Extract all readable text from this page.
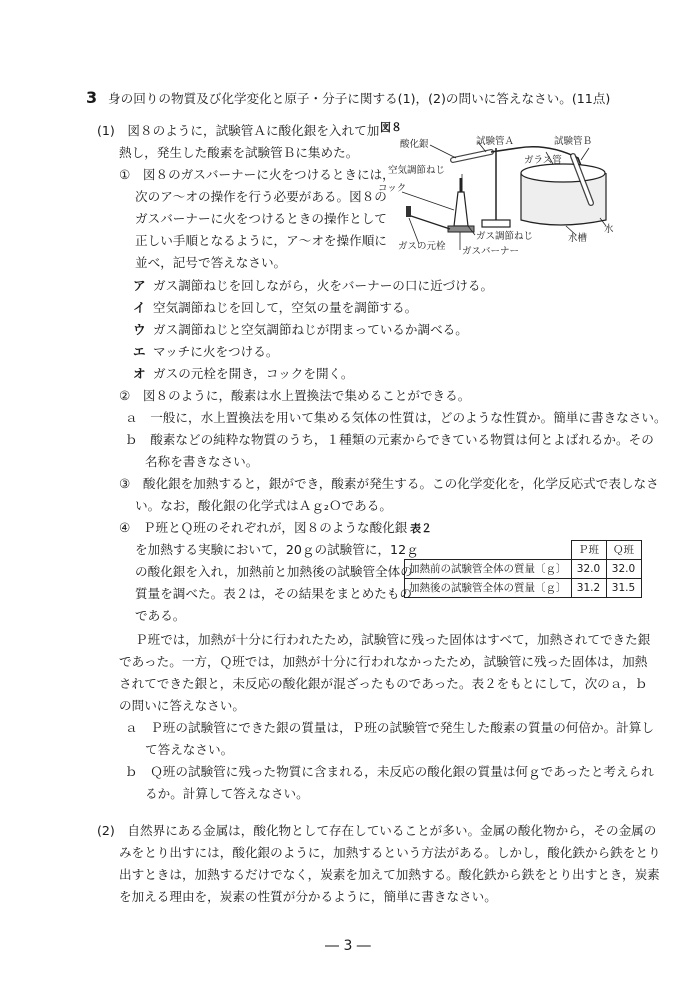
3 身の回りの物質及び化学変化と原子・分子に関する(1)，(2)の問いに答えなさい。(11点)
(1)　図８のように，試験管Ａに酸化銀を入れて加
熱し，発生した酸素を試験管Ｂに集めた。
①　図８のガスバーナーに火をつけるときには，
次のア～オの操作を行う必要がある。図８の
ガスバーナーに火をつけるときの操作として
正しい手順となるように，ア～オを操作順に
並べ，記号で答えなさい。
ア ガス調節ねじを回しながら，火をバーナーの口に近づける。
イ 空気調節ねじを回して，空気の量を調節する。
ウ ガス調節ねじと空気調節ねじが閉まっているか調べる。
エ マッチに火をつける。
オ ガスの元栓を開き，コックを開く。
②　図８のように，酸素は水上置換法で集めることができる。
ａ　一般に，水上置換法を用いて集める気体の性質は，どのような性質か。簡単に書きなさい。
ｂ　酸素などの純粋な物質のうち，１種類の元素からできている物質は何とよばれるか。その
名称を書きなさい。
③　酸化銀を加熱すると，銀ができ，酸素が発生する。この化学変化を，化学反応式で表しなさ
い。なお，酸化銀の化学式はＡｇ₂Ｏである。
④　Ｐ班とＱ班のそれぞれが，図８のような酸化銀
を加熱する実験において，20ｇの試験管に，12ｇ
の酸化銀を入れ，加熱前と加熱後の試験管全体の
質量を調べた。表２は，その結果をまとめたもの
である。
表２
	Ｐ班	Ｑ班
加熱前の試験管全体の質量〔ｇ〕	32.0	32.0
加熱後の試験管全体の質量〔ｇ〕	31.2	31.5
Ｐ班では，加熱が十分に行われたため，試験管に残った固体はすべて，加熱されてできた銀
であった。一方，Ｑ班では，加熱が十分に行われなかったため，試験管に残った固体は，加熱
されてできた銀と，未反応の酸化銀が混ざったものであった。表２をもとにして，次のａ，ｂ
の問いに答えなさい。
ａ　Ｐ班の試験管にできた銀の質量は，Ｐ班の試験管で発生した酸素の質量の何倍か。計算し
て答えなさい。
ｂ　Ｑ班の試験管に残った物質に含まれる，未反応の酸化銀の質量は何ｇであったと考えられ
るか。計算して答えなさい。
(2)　自然界にある金属は，酸化物として存在していることが多い。金属の酸化物から，その金属の
みをとり出すには，酸化銀のように，加熱するという方法がある。しかし，酸化鉄から鉄をとり
出すときは，加熱するだけでなく，炭素を加えて加熱する。酸化鉄から鉄をとり出すとき，炭素
を加える理由を，炭素の性質が分かるように，簡単に書きなさい。
― 3 ―
図８
酸化銀	試験管Ａ	試験管Ｂ
ガラス管
空気調節ねじ
コック
ガスの元栓
ガス調節ねじ
ガスバーナー
水槽
水
